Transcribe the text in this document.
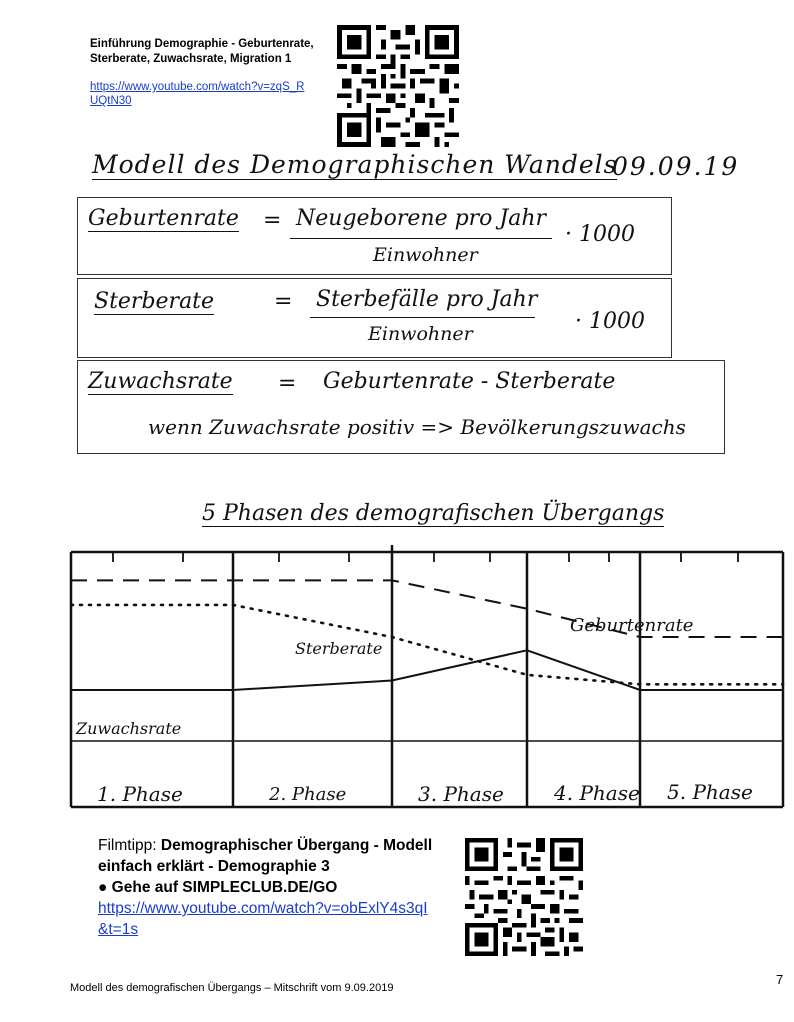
Einführung Demographie - Geburtenrate, Sterberate, Zuwachsrate, Migration 1
https://www.youtube.com/watch?v=zqS_RUQtN30
Modell des Demographischen Wandels
09.09.19
Geburtenrate = Neugeborene pro Jahr
Einwohner
· 1000
Sterberate	= Sterbefälle pro Jahr
Einwohner	· 1000
Zuwachsrate = Geburtenrate - Sterberate
wenn Zuwachsrate positiv => Bevölkerungszuwachs
5 Phasen des demografischen Übergangs
Geburtenrate
Sterberate
Zuwachsrate
1. Phase	2. Phase	3. Phase	4. Phase 5. Phase
Filmtipp: Demographischer Übergang - Modell einfach erklärt - Demographie 3
● Gehe auf SIMPLECLUB.DE/GO
https://www.youtube.com/watch?v=obExlY4s3qI&t=1s
Modell des demografischen Übergangs – Mitschrift vom 9.09.2019
7
